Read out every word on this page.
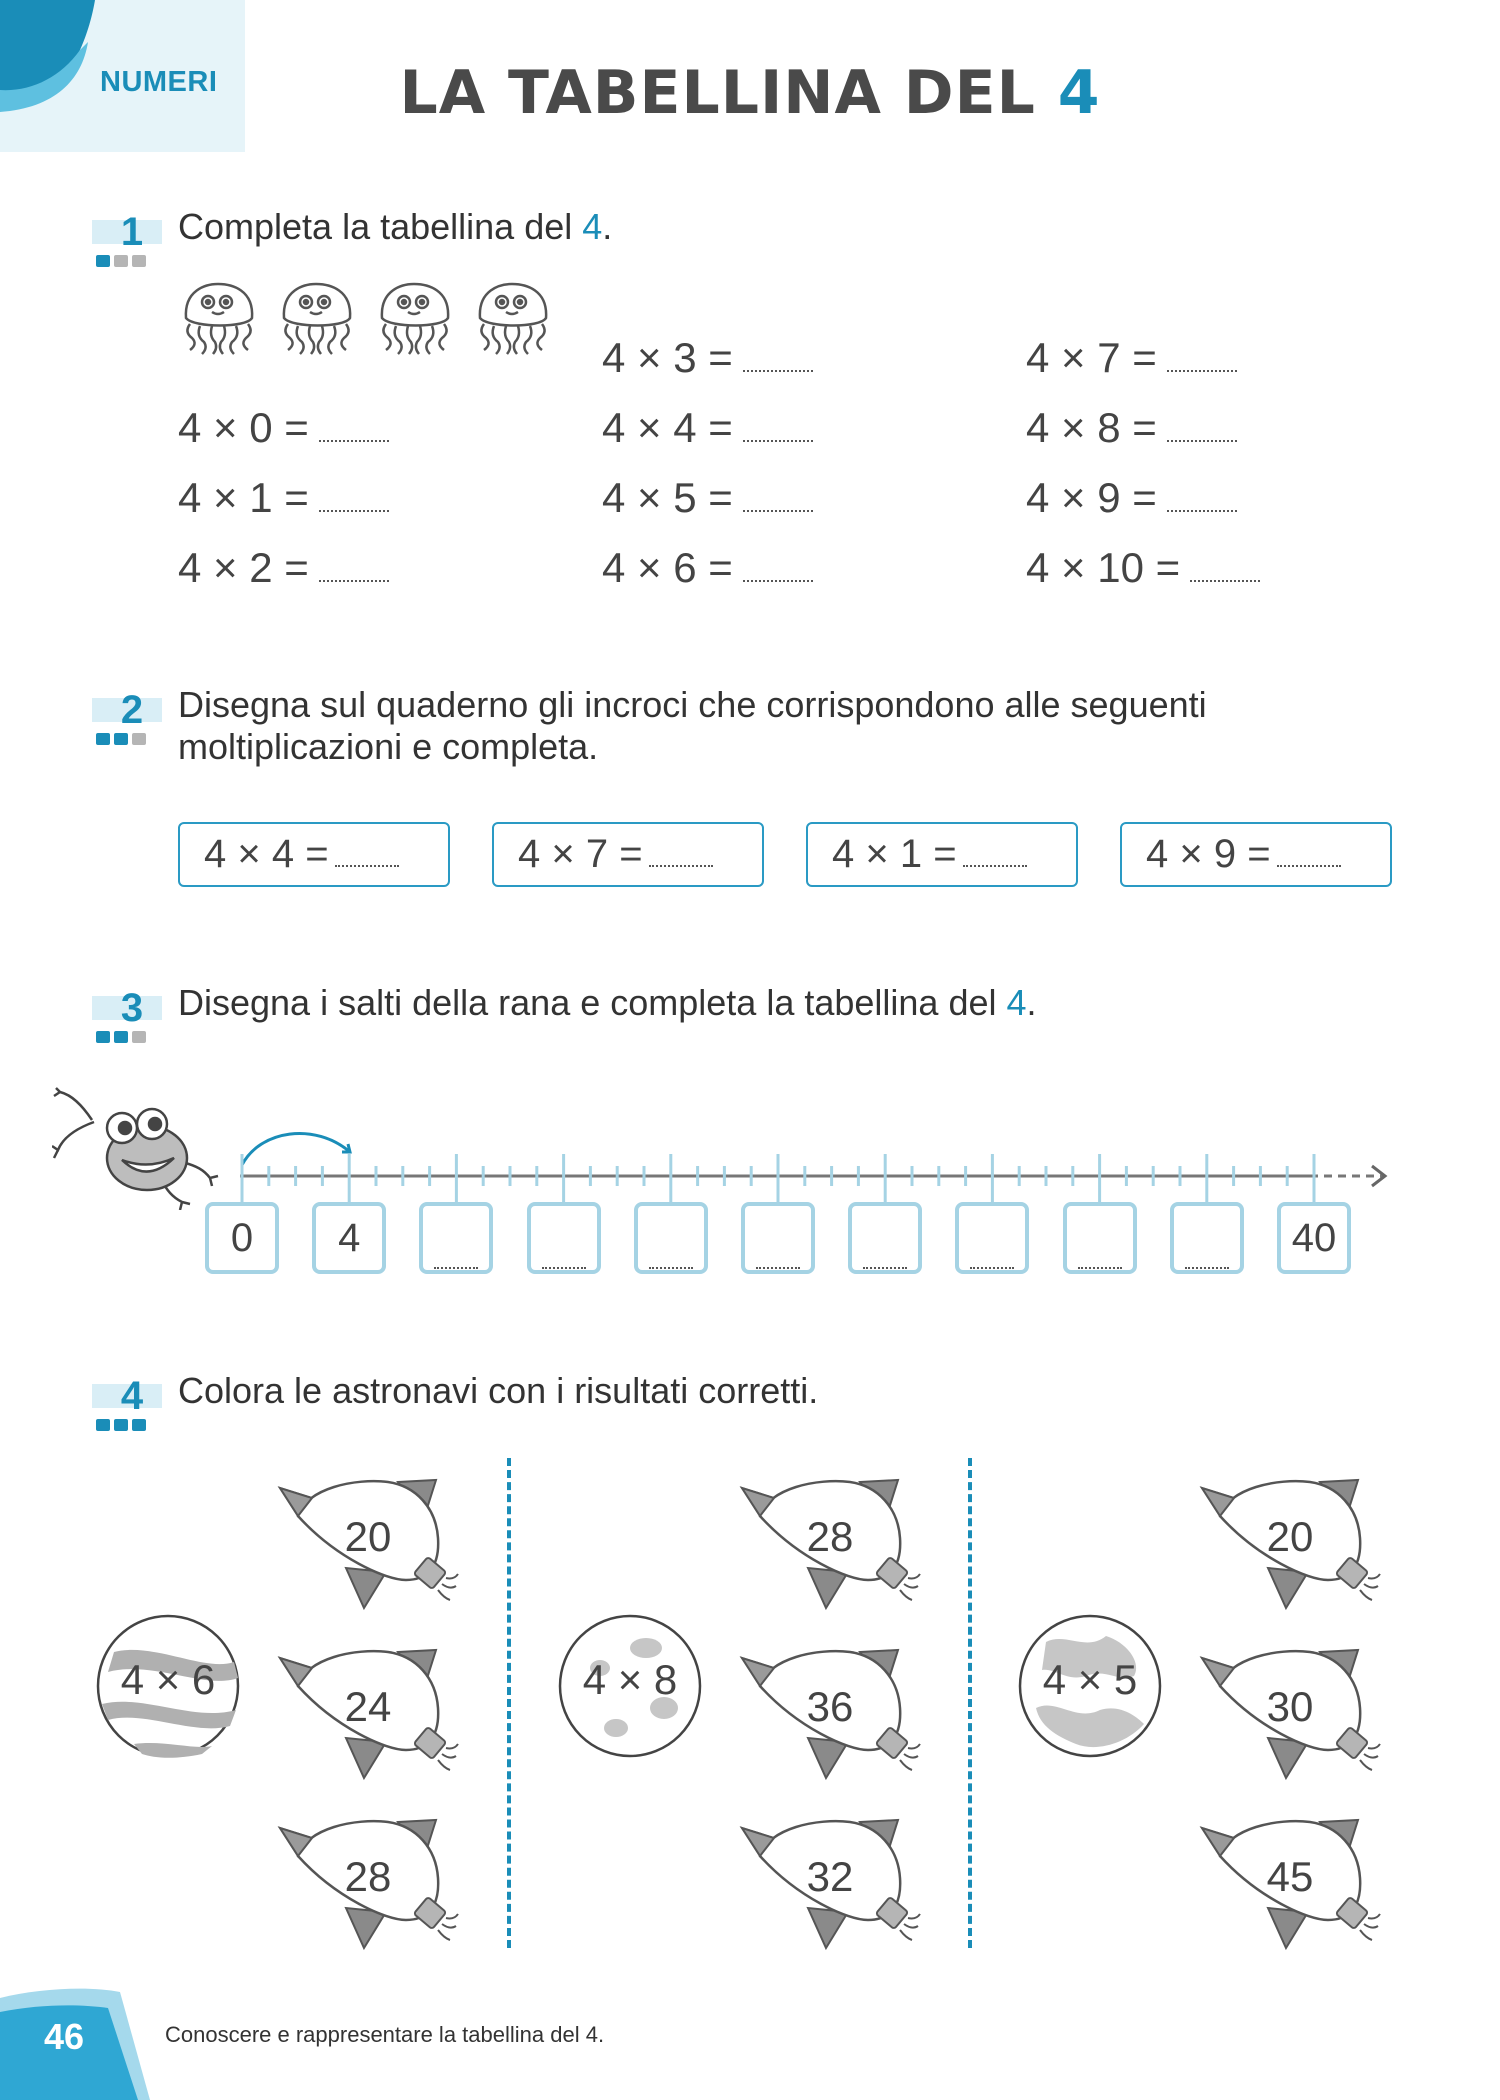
NUMERI	LA TABELLINA DEL 4
1 Completa la tabellina del 4.
4 × 0 =
4 × 1 =
4 × 2 =
4 × 3 =
4 × 4 =
4 × 5 =
4 × 6 =
4 × 7 =
4 × 8 =
4 × 9 =
4 × 10 =
2 Disegna sul quaderno gli incroci che corrispondono alle seguenti
moltiplicazioni e completa.
4 × 4 =	4 × 7 =	4 × 1 =	4 × 9 =
3 Disegna i salti della rana e completa la tabellina del 4.
0	4	40
4 Colora le astronavi con i risultati corretti.
4 × 6
20
24
28
4 × 8
28
36
32
4 × 5
20
30
45
46	Conoscere e rappresentare la tabellina del 4.
